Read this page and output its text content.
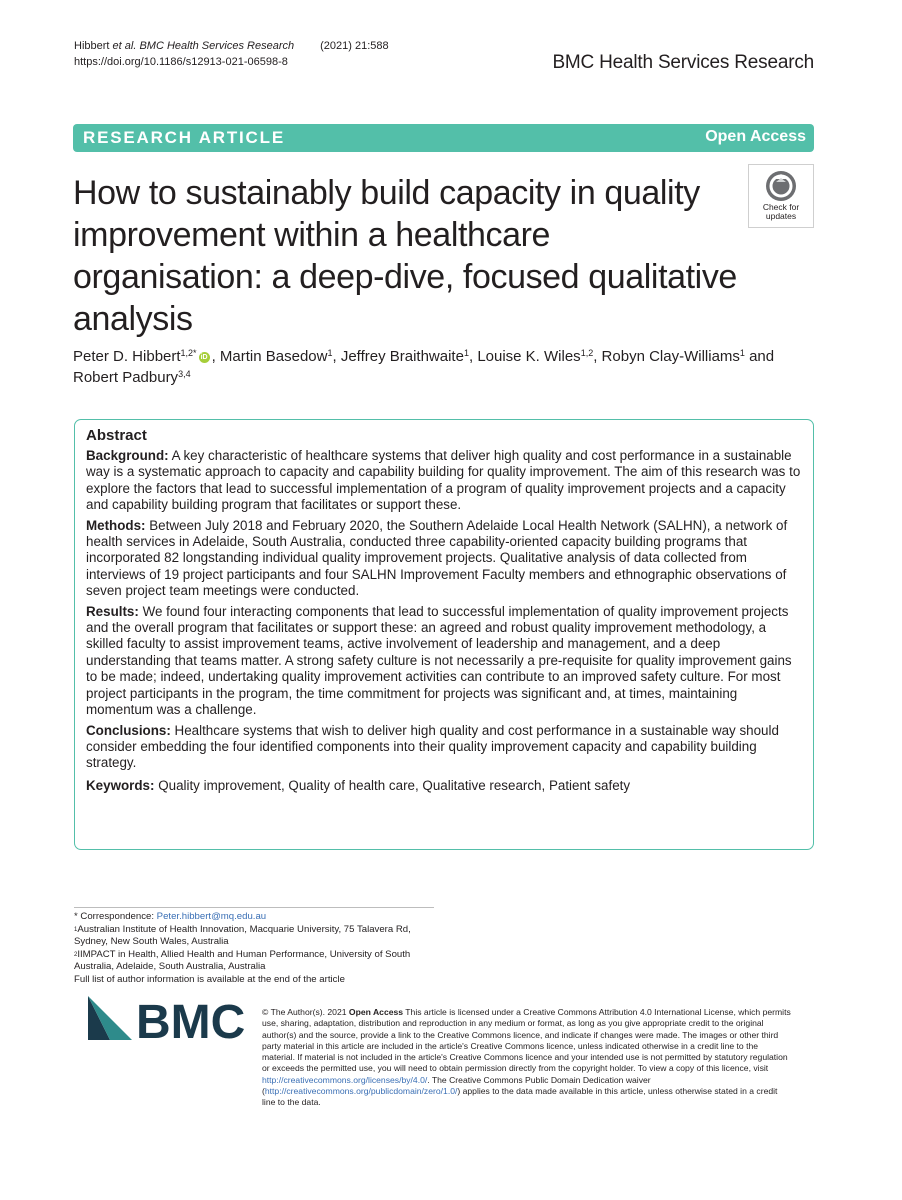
Hibbert et al. BMC Health Services Research (2021) 21:588
https://doi.org/10.1186/s12913-021-06598-8	BMC Health Services Research
RESEARCH ARTICLE	Open Access
How to sustainably build capacity in quality improvement within a healthcare organisation: a deep-dive, focused qualitative analysis
Check for
updates
Peter D. Hibbert$^{1,2*}$ iD , Martin Basedow$^1$, Jeffrey Braithwaite$^1$, Louise K. Wiles$^{1,2}$, Robyn Clay-Williams$^1$ and
Robert Padbury$^{3,4}$
Abstract

Background: A key characteristic of healthcare systems that deliver high quality and cost performance in a sustainable way is a systematic approach to capacity and capability building for quality improvement. The aim of this research was to explore the factors that lead to successful implementation of a program of quality improvement projects and a capacity and capability building program that facilitates or support these.

Methods: Between July 2018 and February 2020, the Southern Adelaide Local Health Network (SALHN), a network of health services in Adelaide, South Australia, conducted three capability-oriented capacity building programs that incorporated 82 longstanding individual quality improvement projects. Qualitative analysis of data collected from interviews of 19 project participants and four SALHN Improvement Faculty members and ethnographic observations of seven project team meetings were conducted.

Results: We found four interacting components that lead to successful implementation of quality improvement projects and the overall program that facilitates or support these: an agreed and robust quality improvement methodology, a skilled faculty to assist improvement teams, active involvement of leadership and management, and a deep understanding that teams matter. A strong safety culture is not necessarily a pre-requisite for quality improvement gains to be made; indeed, undertaking quality improvement activities can contribute to an improved safety culture. For most project participants in the program, the time commitment for projects was significant and, at times, maintaining momentum was a challenge.

Conclusions: Healthcare systems that wish to deliver high quality and cost performance in a sustainable way should consider embedding the four identified components into their quality improvement capacity and capability building strategy.

Keywords: Quality improvement, Quality of health care, Qualitative research, Patient safety

* Correspondence: Peter.hibbert@mq.edu.au
$^1$Australian Institute of Health Innovation, Macquarie University, 75 Talavera Rd, Sydney, New South Wales, Australia
$^2$IIMPACT in Health, Allied Health and Human Performance, University of South Australia, Adelaide, South Australia, Australia
Full list of author information is available at the end of the article
BMC © The Author(s). 2021 Open Access This article is licensed under a Creative Commons Attribution 4.0 International License, which permits use, sharing, adaptation, distribution and reproduction in any medium or format, as long as you give appropriate credit to the original author(s) and the source, provide a link to the Creative Commons licence, and indicate if changes were made. The images or other third party material in this article are included in the article's Creative Commons licence, unless indicated otherwise in a credit line to the material. If material is not included in the article's Creative Commons licence and your intended use is not permitted by statutory regulation or exceeds the permitted use, you will need to obtain permission directly from the copyright holder. To view a copy of this licence, visit http://creativecommons.org/licenses/by/4.0/. The Creative Commons Public Domain Dedication waiver (http://creativecommons.org/publicdomain/zero/1.0/) applies to the data made available in this article, unless otherwise stated in a credit line to the data.
